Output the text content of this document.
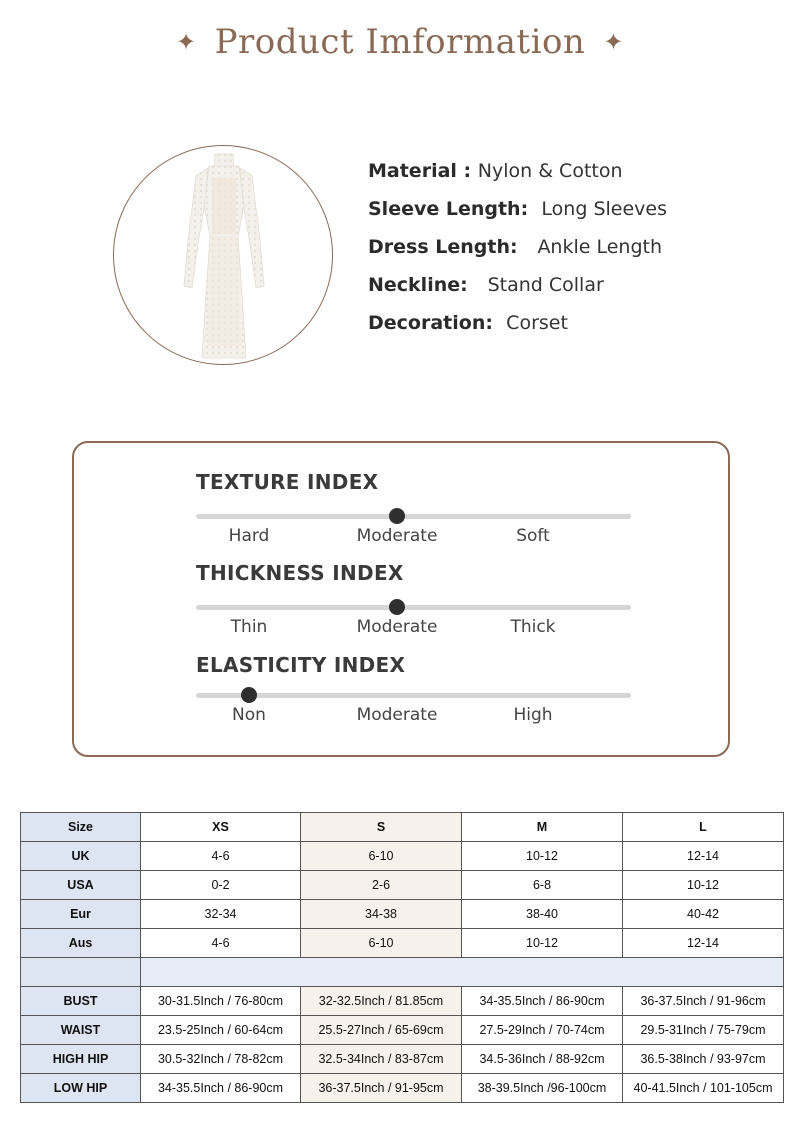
✦ Product Imformation ✦
Material : Nylon & Cotton
Sleeve Length: Long Sleeves
Dress Length: Ankle Length
Neckline: Stand Collar
Decoration: Corset
TEXTURE INDEX
Hard	Moderate	Soft
THICKNESS INDEX
Thin	Moderate	Thick
ELASTICITY INDEX
Non	Moderate	High
Size	XS	S	M	L
UK	4-6	6-10	10-12	12-14
USA	0-2	2-6	6-8	10-12
Eur	32-34	34-38	38-40	40-42
Aus	4-6	6-10	10-12	12-14

BUST	30-31.5Inch / 76-80cm	32-32.5Inch / 81.85cm	34-35.5Inch / 86-90cm	36-37.5Inch / 91-96cm
WAIST	23.5-25Inch / 60-64cm	25.5-27Inch / 65-69cm	27.5-29Inch / 70-74cm	29.5-31Inch / 75-79cm
HIGH HIP	30.5-32Inch / 78-82cm	32.5-34Inch / 83-87cm	34.5-36Inch / 88-92cm	36.5-38Inch / 93-97cm
LOW HIP	34-35.5Inch / 86-90cm	36-37.5Inch / 91-95cm	38-39.5Inch /96-100cm	40-41.5Inch / 101-105cm
